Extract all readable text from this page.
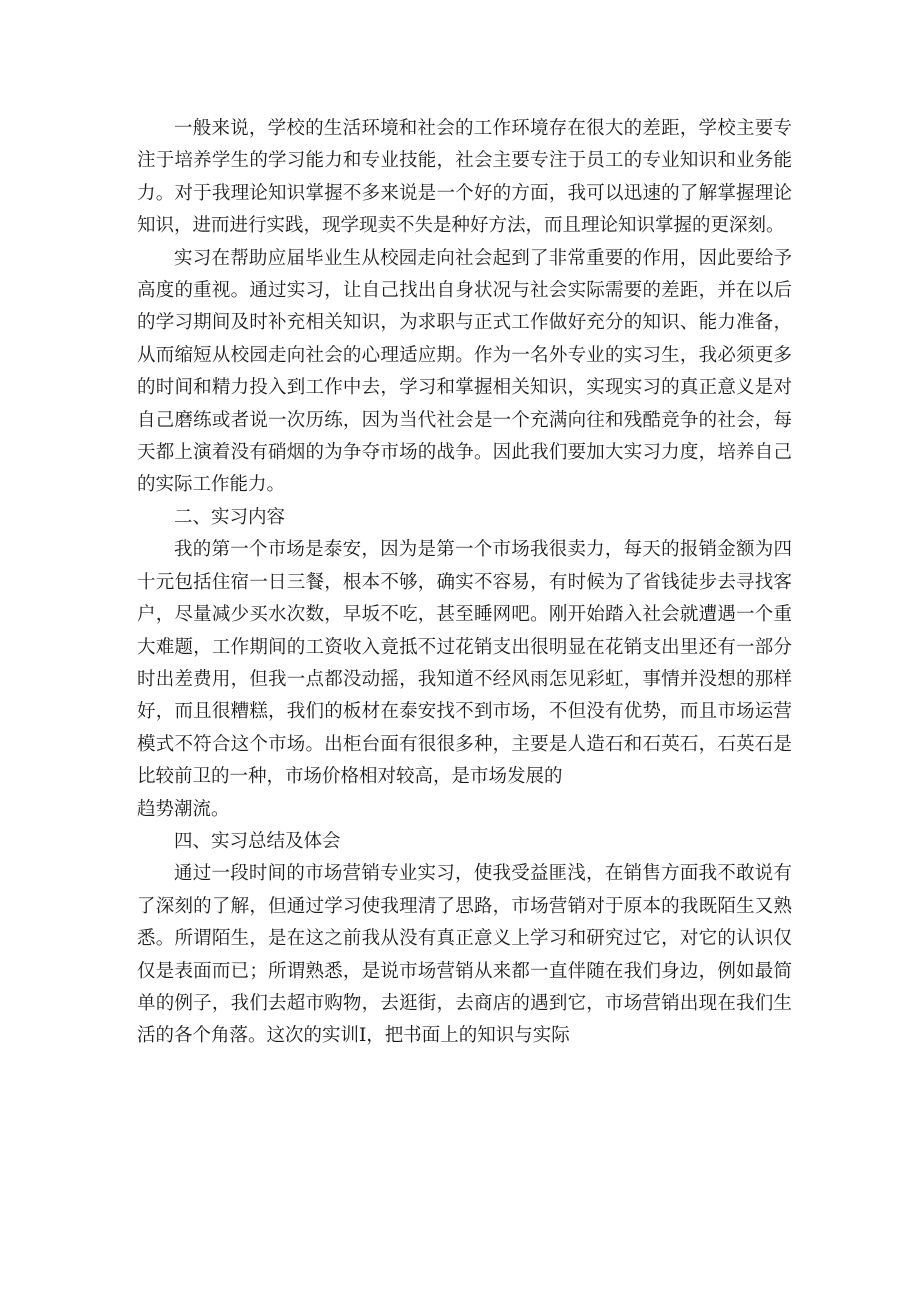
一般来说，学校的生活环境和社会的工作环境存在很大的差距，学校主要专注于培养学生的学习能力和专业技能，社会主要专注于员工的专业知识和业务能力。对于我理论知识掌握不多来说是一个好的方面，我可以迅速的了解掌握理论知识，进而进行实践，现学现卖不失是种好方法，而且理论知识掌握的更深刻。

实习在帮助应届毕业生从校园走向社会起到了非常重要的作用，因此要给予高度的重视。通过实习，让自己找出自身状况与社会实际需要的差距，并在以后的学习期间及时补充相关知识，为求职与正式工作做好充分的知识、能力准备，从而缩短从校园走向社会的心理适应期。作为一名外专业的实习生，我必须更多的时间和精力投入到工作中去，学习和掌握相关知识，实现实习的真正意义是对自己磨练或者说一次历练，因为当代社会是一个充满向往和残酷竞争的社会，每天都上演着没有硝烟的为争夺市场的战争。因此我们要加大实习力度，培养自己的实际工作能力。

二、实习内容

我的第一个市场是泰安，因为是第一个市场我很卖力，每天的报销金额为四十元包括住宿一日三餐，根本不够，确实不容易，有时候为了省钱徒步去寻找客户，尽量减少买水次数，早坂不吃，甚至睡网吧。刚开始踏入社会就遭遇一个重大难题，工作期间的工资收入竟抵不过花销支出很明显在花销支出里还有一部分时出差费用，但我一点都没动摇，我知道不经风雨怎见彩虹，事情并没想的那样好，而且很糟糕，我们的板材在泰安找不到市场，不但没有优势，而且市场运营模式不符合这个市场。出柜台面有很很多种，主要是人造石和石英石，石英石是比较前卫的一种，市场价格相对较高，是市场发展的

趋势潮流。

四、实习总结及体会

通过一段时间的市场营销专业实习，使我受益匪浅，在销售方面我不敢说有了深刻的了解，但通过学习使我理清了思路，市场营销对于原本的我既陌生又熟悉。所谓陌生，是在这之前我从没有真正意义上学习和研究过它，对它的认识仅仅是表面而已；所谓熟悉，是说市场营销从来都一直伴随在我们身边，例如最简单的例子，我们去超市购物，去逛街，去商店的遇到它，市场营销出现在我们生活的各个角落。这次的实训I，把书面上的知识与实际
